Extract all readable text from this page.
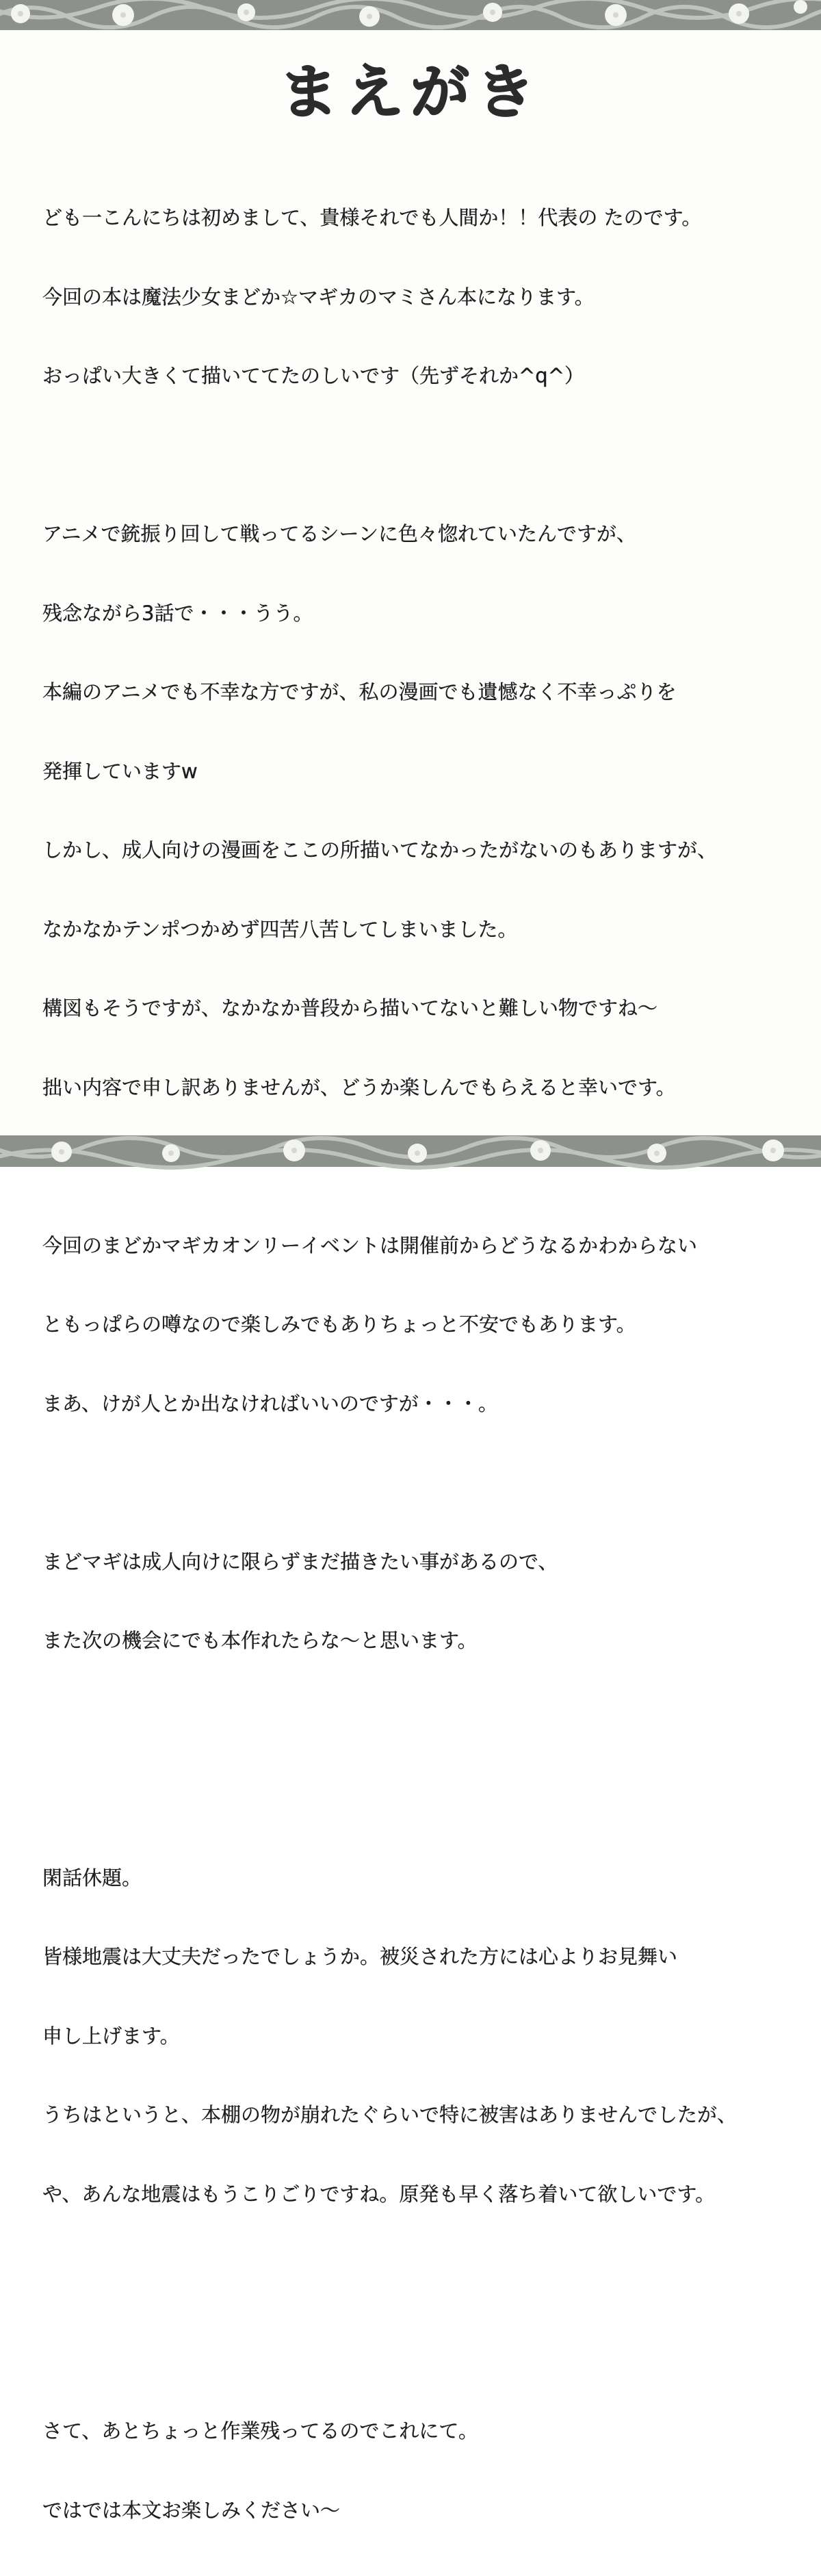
まえがき

ども一こんにちは初めまして、貴様それでも人間か！！代表の たのです。

今回の本は魔法少女まどか☆マギカのマミさん本になります。

おっぱい大きくて描いててたのしいです（先ずそれか^q^）

アニメで銃振り回して戦ってるシーンに色々惚れていたんですが、

残念ながら3話で・・・うう。

本編のアニメでも不幸な方ですが、私の漫画でも遺憾なく不幸っぷりを

発揮していますw

しかし、成人向けの漫画をここの所描いてなかったがないのもありますが、

なかなかテンポつかめず四苦八苦してしまいました。

構図もそうですが、なかなか普段から描いてないと難しい物ですね～

拙い内容で申し訳ありませんが、どうか楽しんでもらえると幸いです。

今回のまどかマギカオンリーイベントは開催前からどうなるかわからない

ともっぱらの噂なので楽しみでもありちょっと不安でもあります。

まあ、けが人とか出なければいいのですが・・・。

まどマギは成人向けに限らずまだ描きたい事があるので、

また次の機会にでも本作れたらな～と思います。

閑話休題。

皆様地震は大丈夫だったでしょうか。被災された方には心よりお見舞い

申し上げます。

うちはというと、本棚の物が崩れたぐらいで特に被害はありませんでしたが、

や、あんな地震はもうこりごりですね。原発も早く落ち着いて欲しいです。

さて、あとちょっと作業残ってるのでこれにて。

ではでは本文お楽しみください～
